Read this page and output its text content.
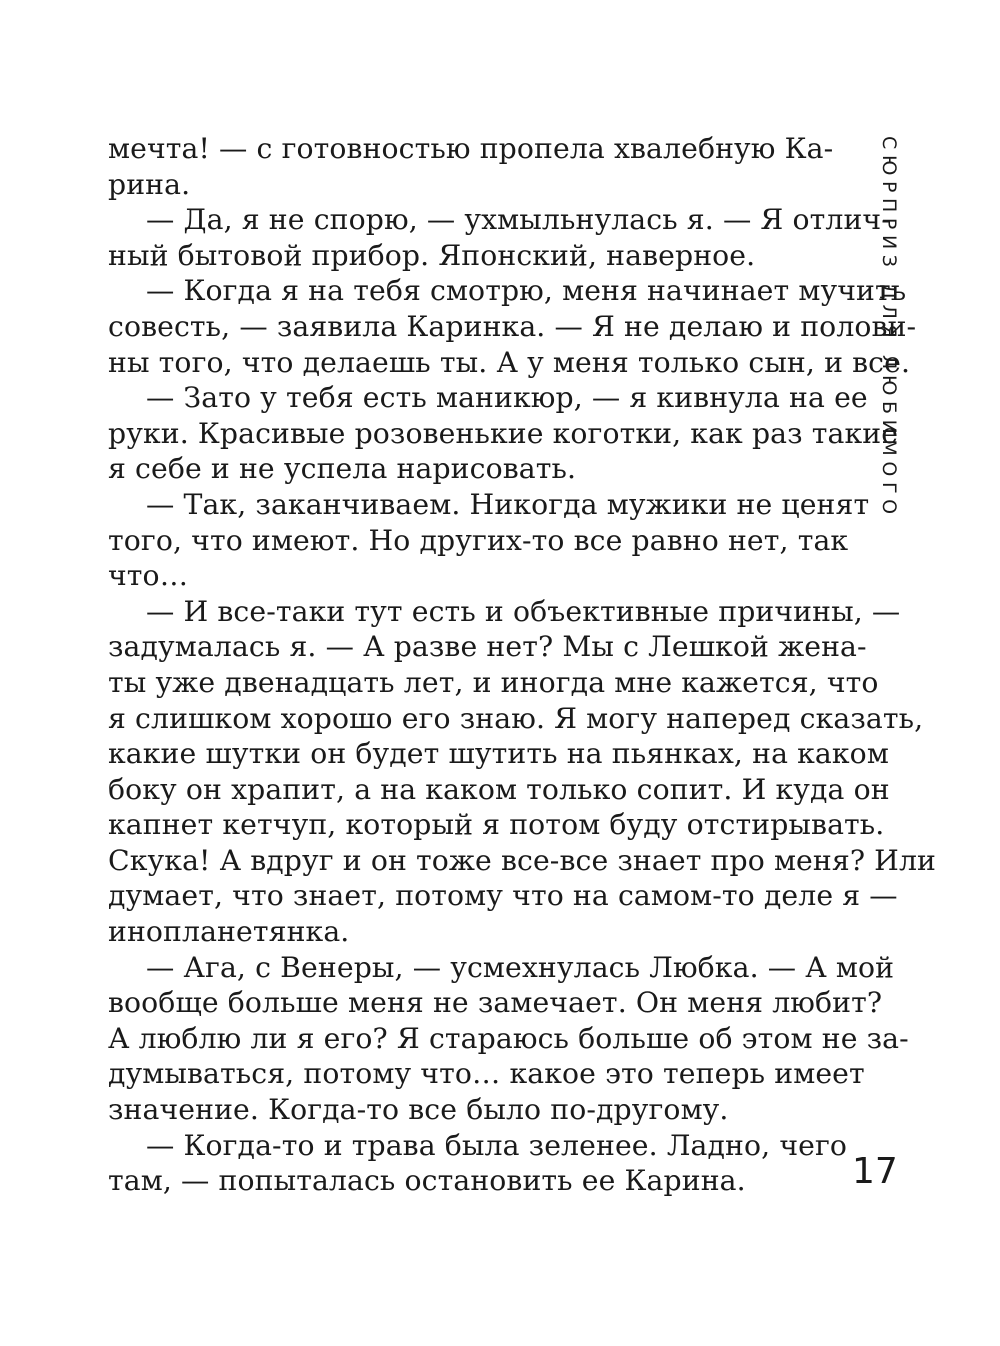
мечта! — с готовностью пропела хвалебную Ка-
рина.
— Да, я не спорю, — ухмыльнулась я. — Я отлич-
ный бытовой прибор. Японский, наверное.
— Когда я на тебя смотрю, меня начинает мучить
совесть, — заявила Каринка. — Я не делаю и полови-
ны того, что делаешь ты. А у меня только сын, и все.
— Зато у тебя есть маникюр, — я кивнула на ее
руки. Красивые розовенькие коготки, как раз такие
я себе и не успела нарисовать.
— Так, заканчиваем. Никогда мужики не ценят
того, что имеют. Но других-то все равно нет, так
что…
— И все-таки тут есть и объективные причины, —
задумалась я. — А разве нет? Мы с Лешкой жена-
ты уже двенадцать лет, и иногда мне кажется, что
я слишком хорошо его знаю. Я могу наперед сказать,
какие шутки он будет шутить на пьянках, на каком
боку он храпит, а на каком только сопит. И куда он
капнет кетчуп, который я потом буду отстирывать.
Скука! А вдруг и он тоже все-все знает про меня? Или
думает, что знает, потому что на самом-то деле я —
инопланетянка.
— Ага, с Венеры, — усмехнулась Любка. — А мой
вообще больше меня не замечает. Он меня любит?
А люблю ли я его? Я стараюсь больше об этом не за-
думываться, потому что… какое это теперь имеет
значение. Когда-то все было по-другому.
— Когда-то и трава была зеленее. Ладно, чего
там, — попыталась остановить ее Карина.
СЮРПРИЗ ДЛЯ ЛЮБИМОГО
17
